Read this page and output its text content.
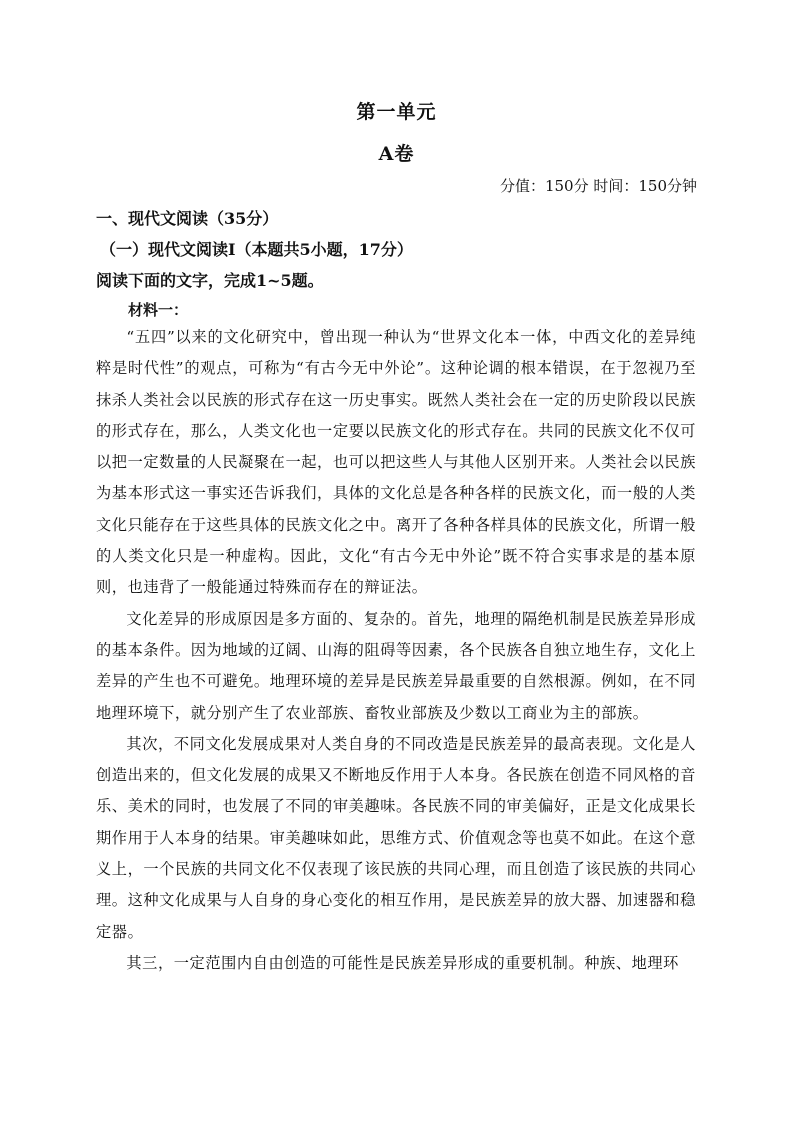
第一单元
A卷
分值：150分 时间：150分钟
一、现代文阅读（35分）
（一）现代文阅读Ⅰ（本题共5小题，17分）
阅读下面的文字，完成1~5题。
材料一：

“五四”以来的文化研究中，曾出现一种认为“世界文化本一体，中西文化的差异纯粹是时代性”的观点，可称为“有古今无中外论”。这种论调的根本错误，在于忽视乃至抹杀人类社会以民族的形式存在这一历史事实。既然人类社会在一定的历史阶段以民族的形式存在，那么，人类文化也一定要以民族文化的形式存在。共同的民族文化不仅可以把一定数量的人民凝聚在一起，也可以把这些人与其他人区别开来。人类社会以民族为基本形式这一事实还告诉我们，具体的文化总是各种各样的民族文化，而一般的人类文化只能存在于这些具体的民族文化之中。离开了各种各样具体的民族文化，所谓一般的人类文化只是一种虚构。因此，文化“有古今无中外论”既不符合实事求是的基本原则，也违背了一般能通过特殊而存在的辩证法。

文化差异的形成原因是多方面的、复杂的。首先，地理的隔绝机制是民族差异形成的基本条件。因为地域的辽阔、山海的阻碍等因素，各个民族各自独立地生存，文化上差异的产生也不可避免。地理环境的差异是民族差异最重要的自然根源。例如，在不同地理环境下，就分别产生了农业部族、畜牧业部族及少数以工商业为主的部族。

其次，不同文化发展成果对人类自身的不同改造是民族差异的最高表现。文化是人创造出来的，但文化发展的成果又不断地反作用于人本身。各民族在创造不同风格的音乐、美术的同时，也发展了不同的审美趣味。各民族不同的审美偏好，正是文化成果长期作用于人本身的结果。审美趣味如此，思维方式、价值观念等也莫不如此。在这个意义上，一个民族的共同文化不仅表现了该民族的共同心理，而且创造了该民族的共同心理。这种文化成果与人自身的身心变化的相互作用，是民族差异的放大器、加速器和稳定器。

其三，一定范围内自由创造的可能性是民族差异形成的重要机制。种族、地理环
